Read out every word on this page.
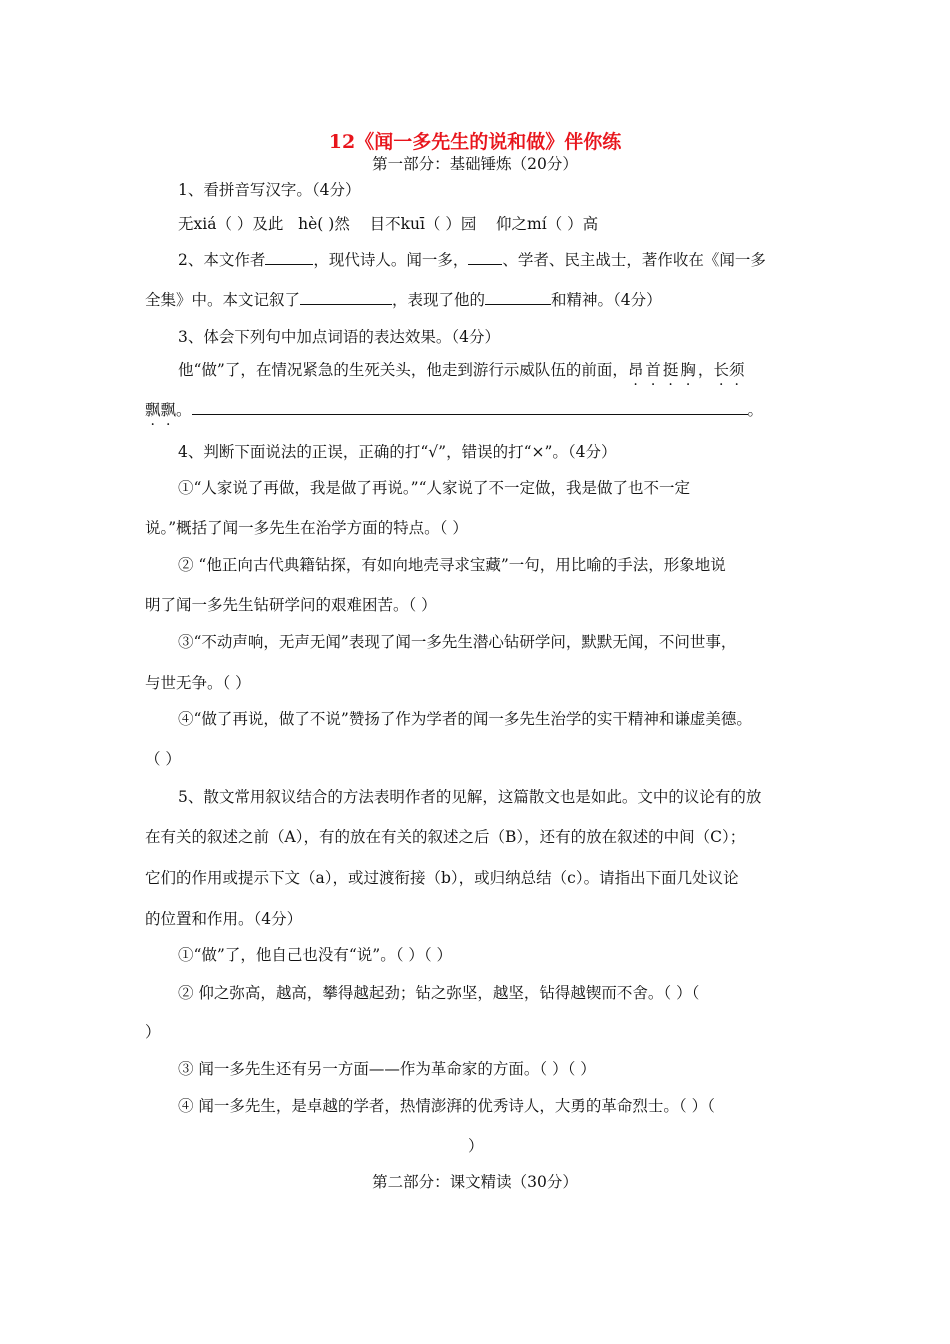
12《闻一多先生的说和做》伴你练
第一部分：基础锤炼（20分）
1、看拼音写汉字。（4分）
无xiá（ ）及此 hè( )然 目不kuī（ ）园 仰之mí（ ）高
2、本文作者	，现代诗人。闻一多， 、学者、民主战士，著作收在《闻一多
全集》中。本文记叙了	，表现了他的	和精神。（4分）
3、体会下列句中加点词语的表达效果。（4分）
他“做”了，在情况紧急的生死关头，他走到游行示威队伍的前面，昂首挺胸，长须
飘飘。	。
4、判断下面说法的正误，正确的打“√”，错误的打“×”。（4分）
①“人家说了再做，我是做了再说。”“人家说了不一定做，我是做了也不一定
说。”概括了闻一多先生在治学方面的特点。（ ）
② “他正向古代典籍钻探，有如向地壳寻求宝藏”一句，用比喻的手法，形象地说
明了闻一多先生钻研学问的艰难困苦。（ ）
③“不动声响，无声无闻”表现了闻一多先生潜心钻研学问，默默无闻，不问世事，
与世无争。（ ）
④“做了再说，做了不说”赞扬了作为学者的闻一多先生治学的实干精神和谦虚美德。
（ ）
5、散文常用叙议结合的方法表明作者的见解，这篇散文也是如此。文中的议论有的放
在有关的叙述之前（A），有的放在有关的叙述之后（B），还有的放在叙述的中间（C）；
它们的作用或提示下文（a），或过渡衔接（b），或归纳总结（c）。请指出下面几处议论
的位置和作用。（4分）
①“做”了，他自己也没有“说”。（ ）（ ）
② 仰之弥高，越高，攀得越起劲；钻之弥坚，越坚，钻得越锲而不舍。（ ）（
）
③ 闻一多先生还有另一方面——作为革命家的方面。（ ）（ ）
④ 闻一多先生，是卓越的学者，热情澎湃的优秀诗人，大勇的革命烈士。（ ）（
）
第二部分：课文精读（30分）
